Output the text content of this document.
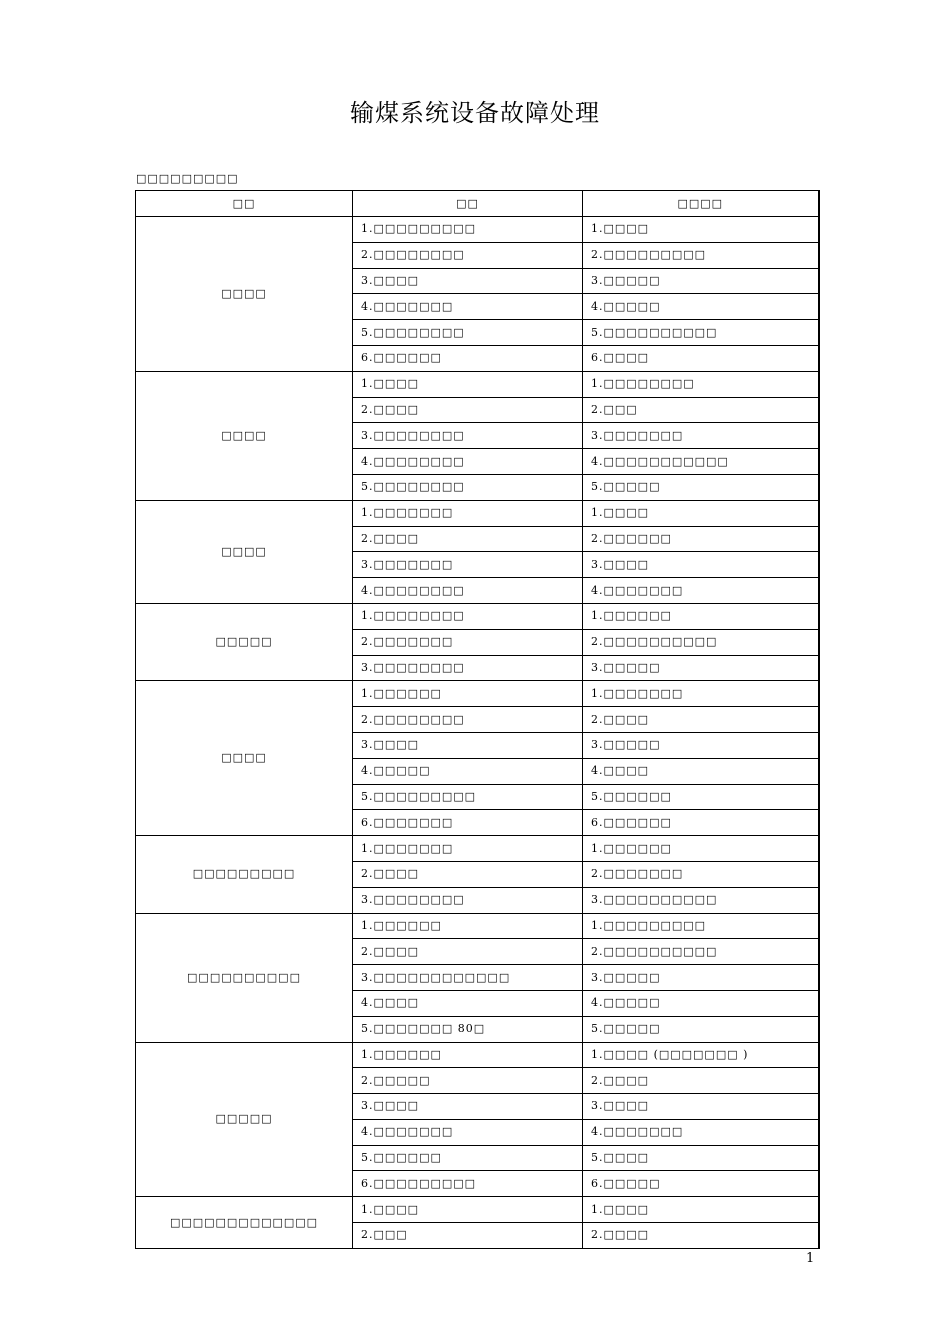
输煤系统设备故障处理
□□□□□□□□□
□□	□□	□□□□
□□□□	1.□□□□□□□□□	1.□□□□
	2.□□□□□□□□	2.□□□□□□□□□
	3.□□□□	3.□□□□□
	4.□□□□□□□	4.□□□□□
	5.□□□□□□□□	5.□□□□□□□□□□
	6.□□□□□□	6.□□□□
□□□□	1.□□□□	1.□□□□□□□□
	2.□□□□	2.□□□
	3.□□□□□□□□	3.□□□□□□□
	4.□□□□□□□□	4.□□□□□□□□□□□
	5.□□□□□□□□	5.□□□□□
□□□□	1.□□□□□□□	1.□□□□
	2.□□□□	2.□□□□□□
	3.□□□□□□□	3.□□□□
	4.□□□□□□□□	4.□□□□□□□
□□□□□	1.□□□□□□□□	1.□□□□□□
	2.□□□□□□□	2.□□□□□□□□□□
	3.□□□□□□□□	3.□□□□□
□□□□	1.□□□□□□	1.□□□□□□□
	2.□□□□□□□□	2.□□□□
	3.□□□□	3.□□□□□
	4.□□□□□	4.□□□□
	5.□□□□□□□□□	5.□□□□□□
	6.□□□□□□□	6.□□□□□□
□□□□□□□□□	1.□□□□□□□	1.□□□□□□
	2.□□□□	2.□□□□□□□
	3.□□□□□□□□	3.□□□□□□□□□□
□□□□□□□□□□	1.□□□□□□	1.□□□□□□□□□
	2.□□□□	2.□□□□□□□□□□
	3.□□□□□□□□□□□□	3.□□□□□
	4.□□□□	4.□□□□□
	5.□□□□□□□ 80□	5.□□□□□
□□□□□	1.□□□□□□	1.□□□□ (□□□□□□□ )
	2.□□□□□	2.□□□□
	3.□□□□	3.□□□□
	4.□□□□□□□	4.□□□□□□□
	5.□□□□□□	5.□□□□
	6.□□□□□□□□□	6.□□□□□
□□□□□□□□□□□□□	1.□□□□	1.□□□□
	2.□□□	2.□□□□
1
